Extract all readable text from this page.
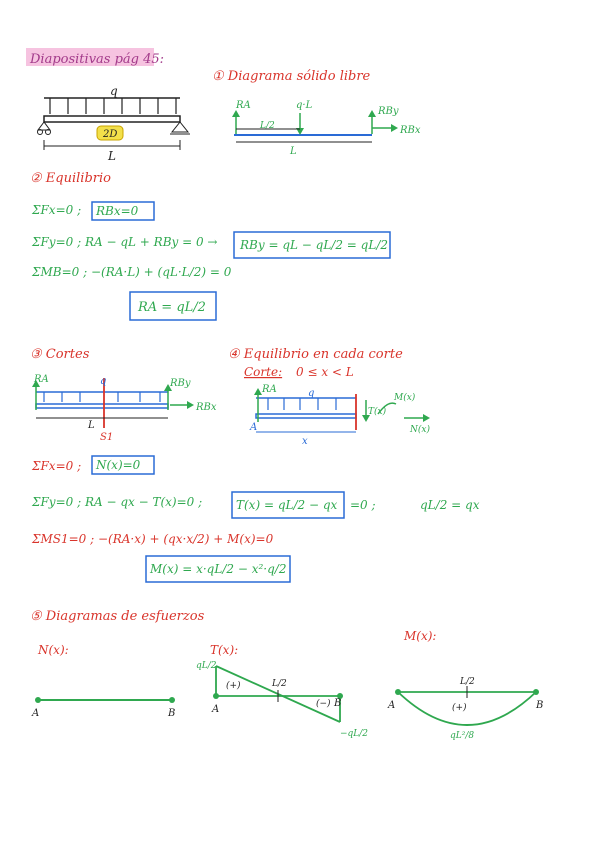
Diapositivas pág 45:
① Diagrama sólido libre
q
2D
L
RA	q·L
L/2
RBy
RBx
L
② Equilibrio
ΣFx=0 ; RBx=0
ΣFy=0 ; RA − qL + RBy = 0 → RBy = qL − qL/2 = qL/2
ΣMB=0 ; −(RA·L) + (qL·L/2) = 0
RA = qL/2
③ Cortes
RA	q	RBy
RBx
L
S1
④ Equilibrio en cada corte
Corte: 0 ≤ x < L
RA	q
A
x
T(x)
M(x)
N(x)
ΣFx=0 ; N(x)=0
ΣFy=0 ; RA − qx − T(x)=0 ;	T(x) = qL/2 − qx =0 ;	qL/2 = qx
ΣMS1=0 ; −(RA·x) + (qx·x/2) + M(x)=0
M(x) = x·qL/2 − x²·q/2
⑤ Diagramas de esfuerzos
N(x):
A	B
T(x):
qL/2
L/2
(+)
(−)
A
B
−qL/2
M(x):
L/2
(+)
A	B
qL²/8
